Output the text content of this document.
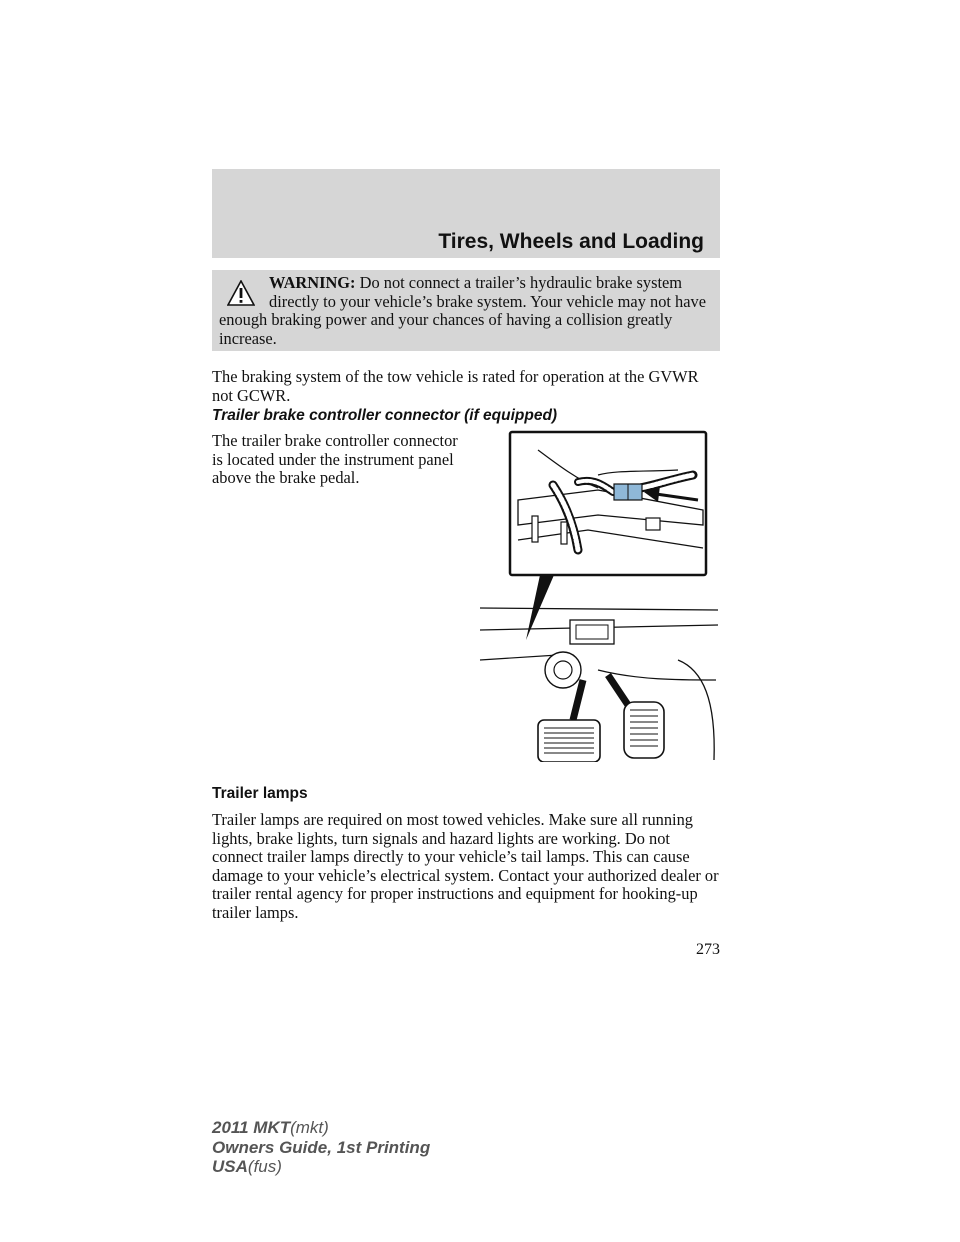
Tires, Wheels and Loading
WARNING: Do not connect a trailer’s hydraulic brake system
directly to your vehicle’s brake system. Your vehicle may not have enough braking power and your chances of having a collision greatly increase.

The braking system of the tow vehicle is rated for operation at the GVWR not GCWR.

Trailer brake controller connector (if equipped)

The trailer brake controller connector is located under the instrument panel above the brake pedal.

Trailer lamps

Trailer lamps are required on most towed vehicles. Make sure all running lights, brake lights, turn signals and hazard lights are working. Do not connect trailer lamps directly to your vehicle’s tail lamps. This can cause damage to your vehicle’s electrical system. Contact your authorized dealer or trailer rental agency for proper instructions and equipment for hooking-up trailer lamps.

273
2011 MKT(mkt)
Owners Guide, 1st Printing
USA(fus)
